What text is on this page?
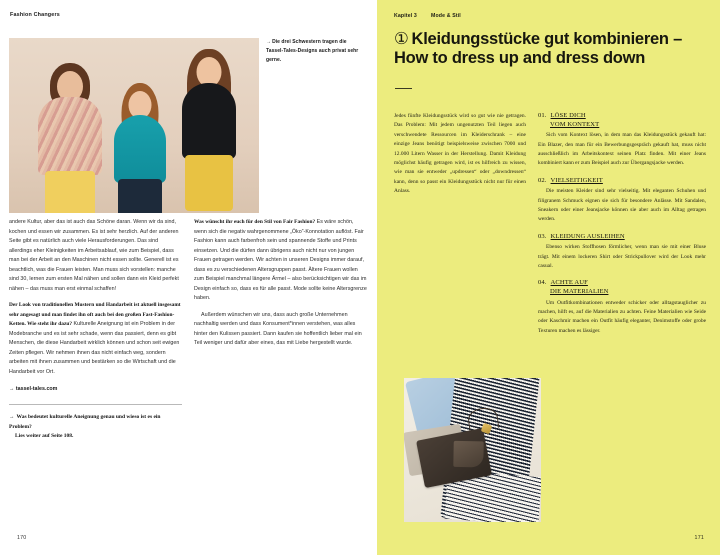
Fashion Changers
→Die drei Schwestern tragen die Tassel-Tales-Designs auch privat sehr gerne.

andere Kultur, aber das ist auch das Schöne daran. Wenn wir da sind, kochen und essen wir zusammen. Es ist sehr herzlich. Auf der anderen Seite gibt es natürlich auch viele Herausforderungen. Das sind allerdings eher Kleinigkeiten im Arbeitsablauf, wie zum Beispiel, dass man bei der Arbeit an den Maschinen nicht essen sollte. Generell ist es beachtlich, was die Frauen leisten. Man muss sich vorstellen: manche sind 30, lernen zum ersten Mal nähen und sollen dann ein Kleid perfekt nähen – das muss man erst einmal schaffen!

Der Look von traditionellen Mustern und Handarbeit ist aktuell insgesamt sehr angesagt und man findet ihn oft auch bei den großen Fast-Fashion-Ketten. Wie steht ihr dazu? Kulturelle Aneignung ist ein Problem in der Modebranche und es ist sehr schade, wenn das passiert, denn es gibt Menschen, die diese Handarbeit wirklich können und schon seit ewigen Zeiten pflegen. Wir nehmen ihnen das nicht einfach weg, sondern arbeiten mit ihnen zusammen und bestärken so die Wirtschaft und die Handarbeit vor Ort.

→ tassel-tales.com
→ Was bedeutet kulturelle Aneignung genau und wieso ist es ein Problem?
Lies weiter auf Seite 108.

Was wünscht ihr euch für den Stil von Fair Fashion? Es wäre schön, wenn sich die negativ wahrgenommene „Öko“-Konnotation auflöst. Fair Fashion kann auch farbenfroh sein und spannende Stoffe und Prints einsetzen. Und die dürfen dann übrigens auch nicht nur von jungen Frauen getragen werden. Wir achten in unseren Designs immer darauf, dass es zu verschiedenen Altersgruppen passt. Ältere Frauen wollen zum Beispiel manchmal längere Ärmel – also berücksichtigen wir das im Design einfach so, dass es für alle passt. Mode sollte keine Altersgrenze haben.

Außerdem wünschen wir uns, dass auch große Unternehmen nachhaltig werden und dass Konsument*innen verstehen, was alles hinter den Kulissen passiert. Dann kaufen sie hoffentlich lieber mal ein Teil weniger und dafür aber eines, das mit Liebe hergestellt wurde.

170
Kapitel 3	Mode & Stil
① Kleidungsstücke gut kombinieren –
How to dress up and dress down

Jedes fünfte Kleidungsstück wird so gut wie nie getragen. Das Problem: Mit jedem ungenutzten Teil liegen auch verschwendete Ressourcen im Kleiderschrank – eine einzige Jeans benötigt beispielsweise zwischen 7000 und 12.000 Litern Wasser in der Herstellung. Damit Kleidung möglichst häufig getragen wird, ist es hilfreich zu wissen, wie man sie entweder „updressen“ oder „downdressen“ kann, denn so passt ein Kleidungsstück nicht nur für einen Anlass.

01. LÖSE DICH
VOM KONTEXT

Sich vom Kontext lösen, in dem man das Kleidungsstück gekauft hat: Ein Blazer, den man für ein Bewerbungsgespräch gekauft hat, muss nicht ausschließlich im Arbeitskontext seinen Platz finden. Mit einer Jeans kombiniert kann er zum Beispiel auch zur Übergangsjacke werden.

02. VIELSEITIGKEIT

Die meisten Kleider sind sehr vielseitig. Mit eleganten Schuhen und filigranem Schmuck eignen sie sich für besondere Anlässe. Mit Sandalen, Sneakern oder einer Jeansjacke können sie aber auch im Alltag getragen werden.

03. KLEIDUNG AUSLEIHEN

Ebenso wirken Stoffhosen förmlicher, wenn man sie mit einer Bluse trägt. Mit einem lockeren Shirt oder Strickpullover wird der Look mehr casual.

04. ACHTE AUF
DIE MATERIALIEN

Um Outfitkombinationen entweder schicker oder alltagstauglicher zu machen, hilft es, auf die Materialien zu achten. Feine Materialien wie Seide oder Kaschmir machen ein Outfit häufig eleganter, Denimstoffe oder grobe Texturen machen es lässiger.

171
